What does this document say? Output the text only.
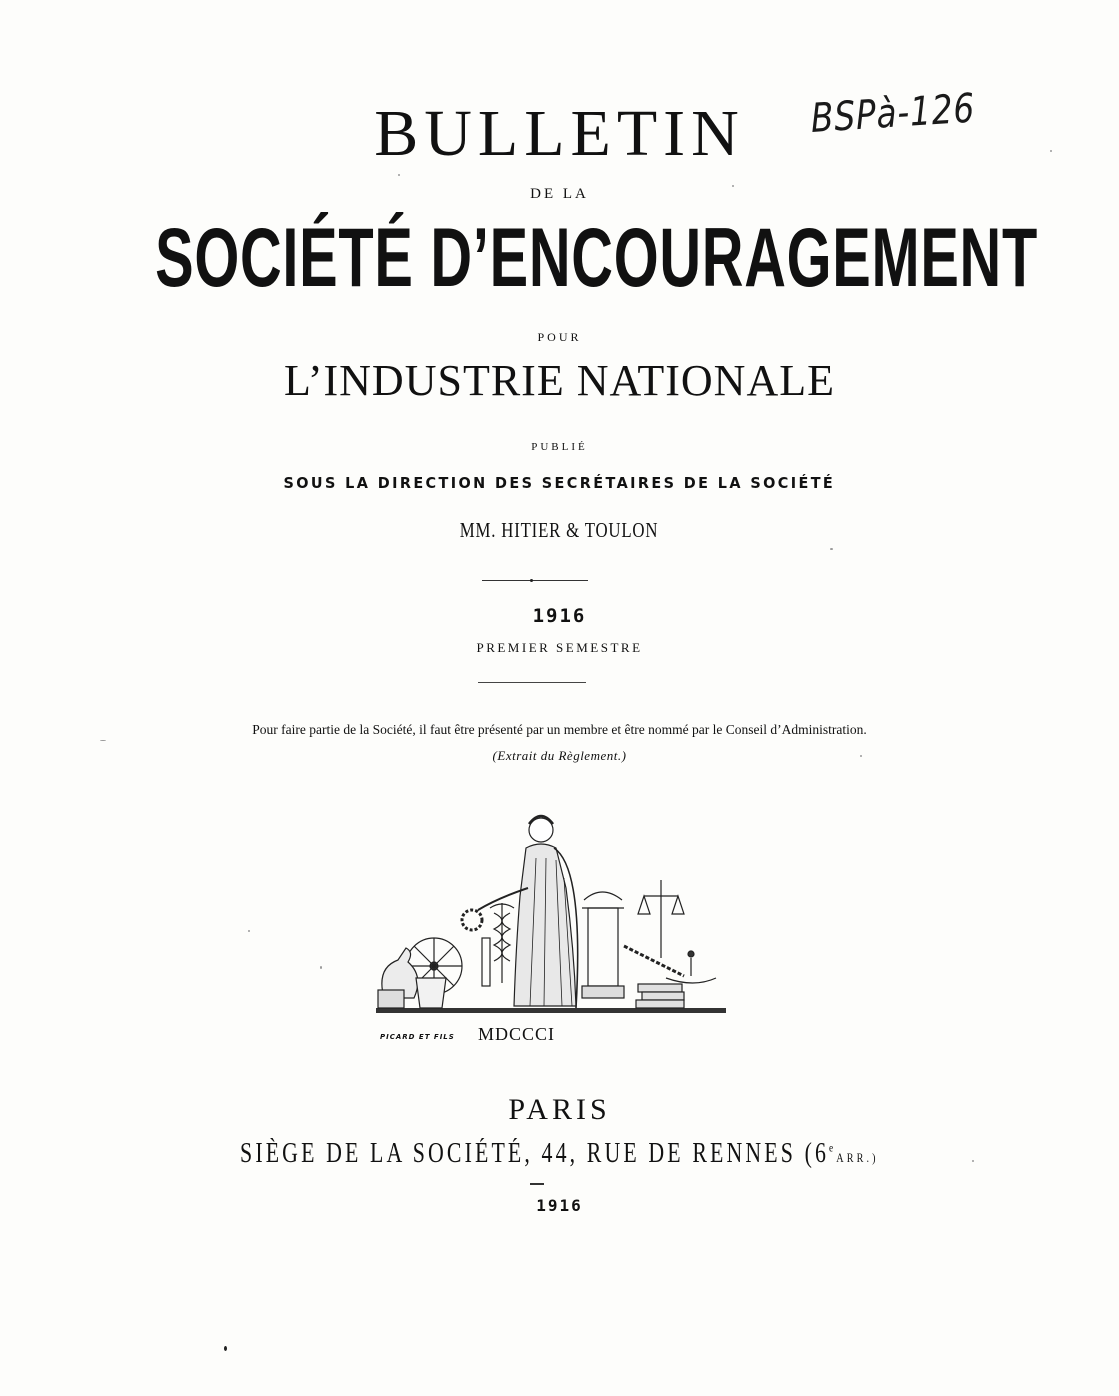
BSPà-126
BULLETIN
DE LA
SOCIÉTÉ D’ENCOURAGEMENT
POUR
L’INDUSTRIE NATIONALE
PUBLIÉ
SOUS LA DIRECTION DES SECRÉTAIRES DE LA SOCIÉTÉ
MM. HITIER & TOULON
1916
PREMIER SEMESTRE
Pour faire partie de la Société, il faut être présenté par un membre et être nommé par le Conseil d’Administration.
(Extrait du Règlement.)
PICARD ET FILS MDCCCI
PARIS
SIÈGE DE LA SOCIÉTÉ, 44, RUE DE RENNES (6eARR.)
1916
